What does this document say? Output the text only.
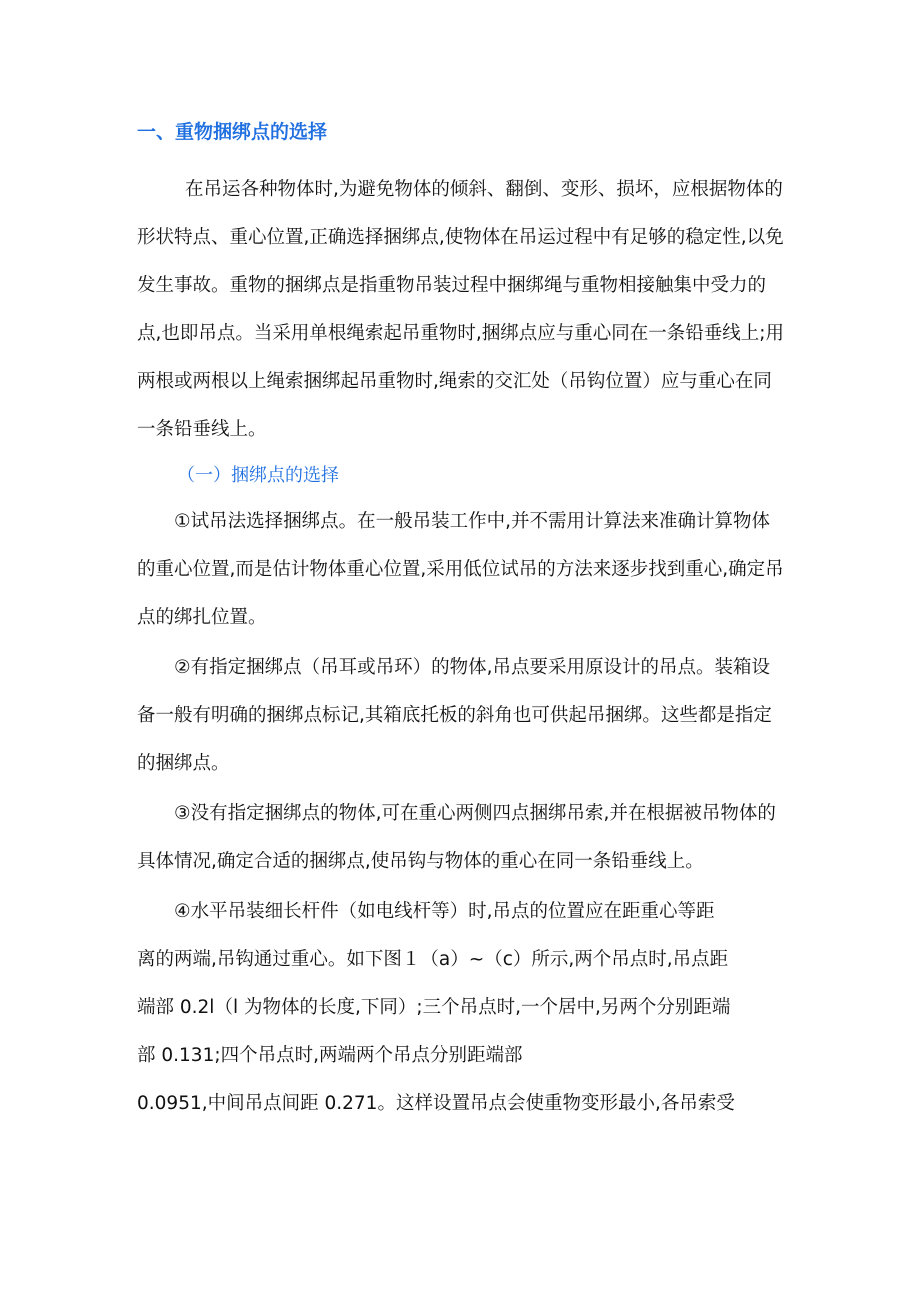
一、重物捆绑点的选择

在吊运各种物体时,为避免物体的倾斜、翻倒、变形、损坏，应根据物体的形状特点、重心位置,正确选择捆绑点,使物体在吊运过程中有足够的稳定性,以免发生事故。重物的捆绑点是指重物吊装过程中捆绑绳与重物相接触集中受力的点,也即吊点。当采用单根绳索起吊重物时,捆绑点应与重心同在一条铅垂线上;用两根或两根以上绳索捆绑起吊重物时,绳索的交汇处（吊钩位置）应与重心在同一条铅垂线上。

（一）捆绑点的选择

①试吊法选择捆绑点。在一般吊装工作中,并不需用计算法来准确计算物体的重心位置,而是估计物体重心位置,采用低位试吊的方法来逐步找到重心,确定吊点的绑扎位置。

②有指定捆绑点（吊耳或吊环）的物体,吊点要采用原设计的吊点。装箱设备一般有明确的捆绑点标记,其箱底托板的斜角也可供起吊捆绑。这些都是指定的捆绑点。

③没有指定捆绑点的物体,可在重心两侧四点捆绑吊索,并在根据被吊物体的具体情况,确定合适的捆绑点,使吊钩与物体的重心在同一条铅垂线上。

④水平吊装细长杆件（如电线杆等）时,吊点的位置应在距重心等距
离的两端,吊钩通过重心。如下图１（a）~（c）所示,两个吊点时,吊点距
端部 0.2l（l 为物体的长度,下同）;三个吊点时,一个居中,另两个分别距端
部 0.131;四个吊点时,两端两个吊点分别距端部
0.0951,中间吊点间距 0.271。这样设置吊点会使重物变形最小,各吊索受
